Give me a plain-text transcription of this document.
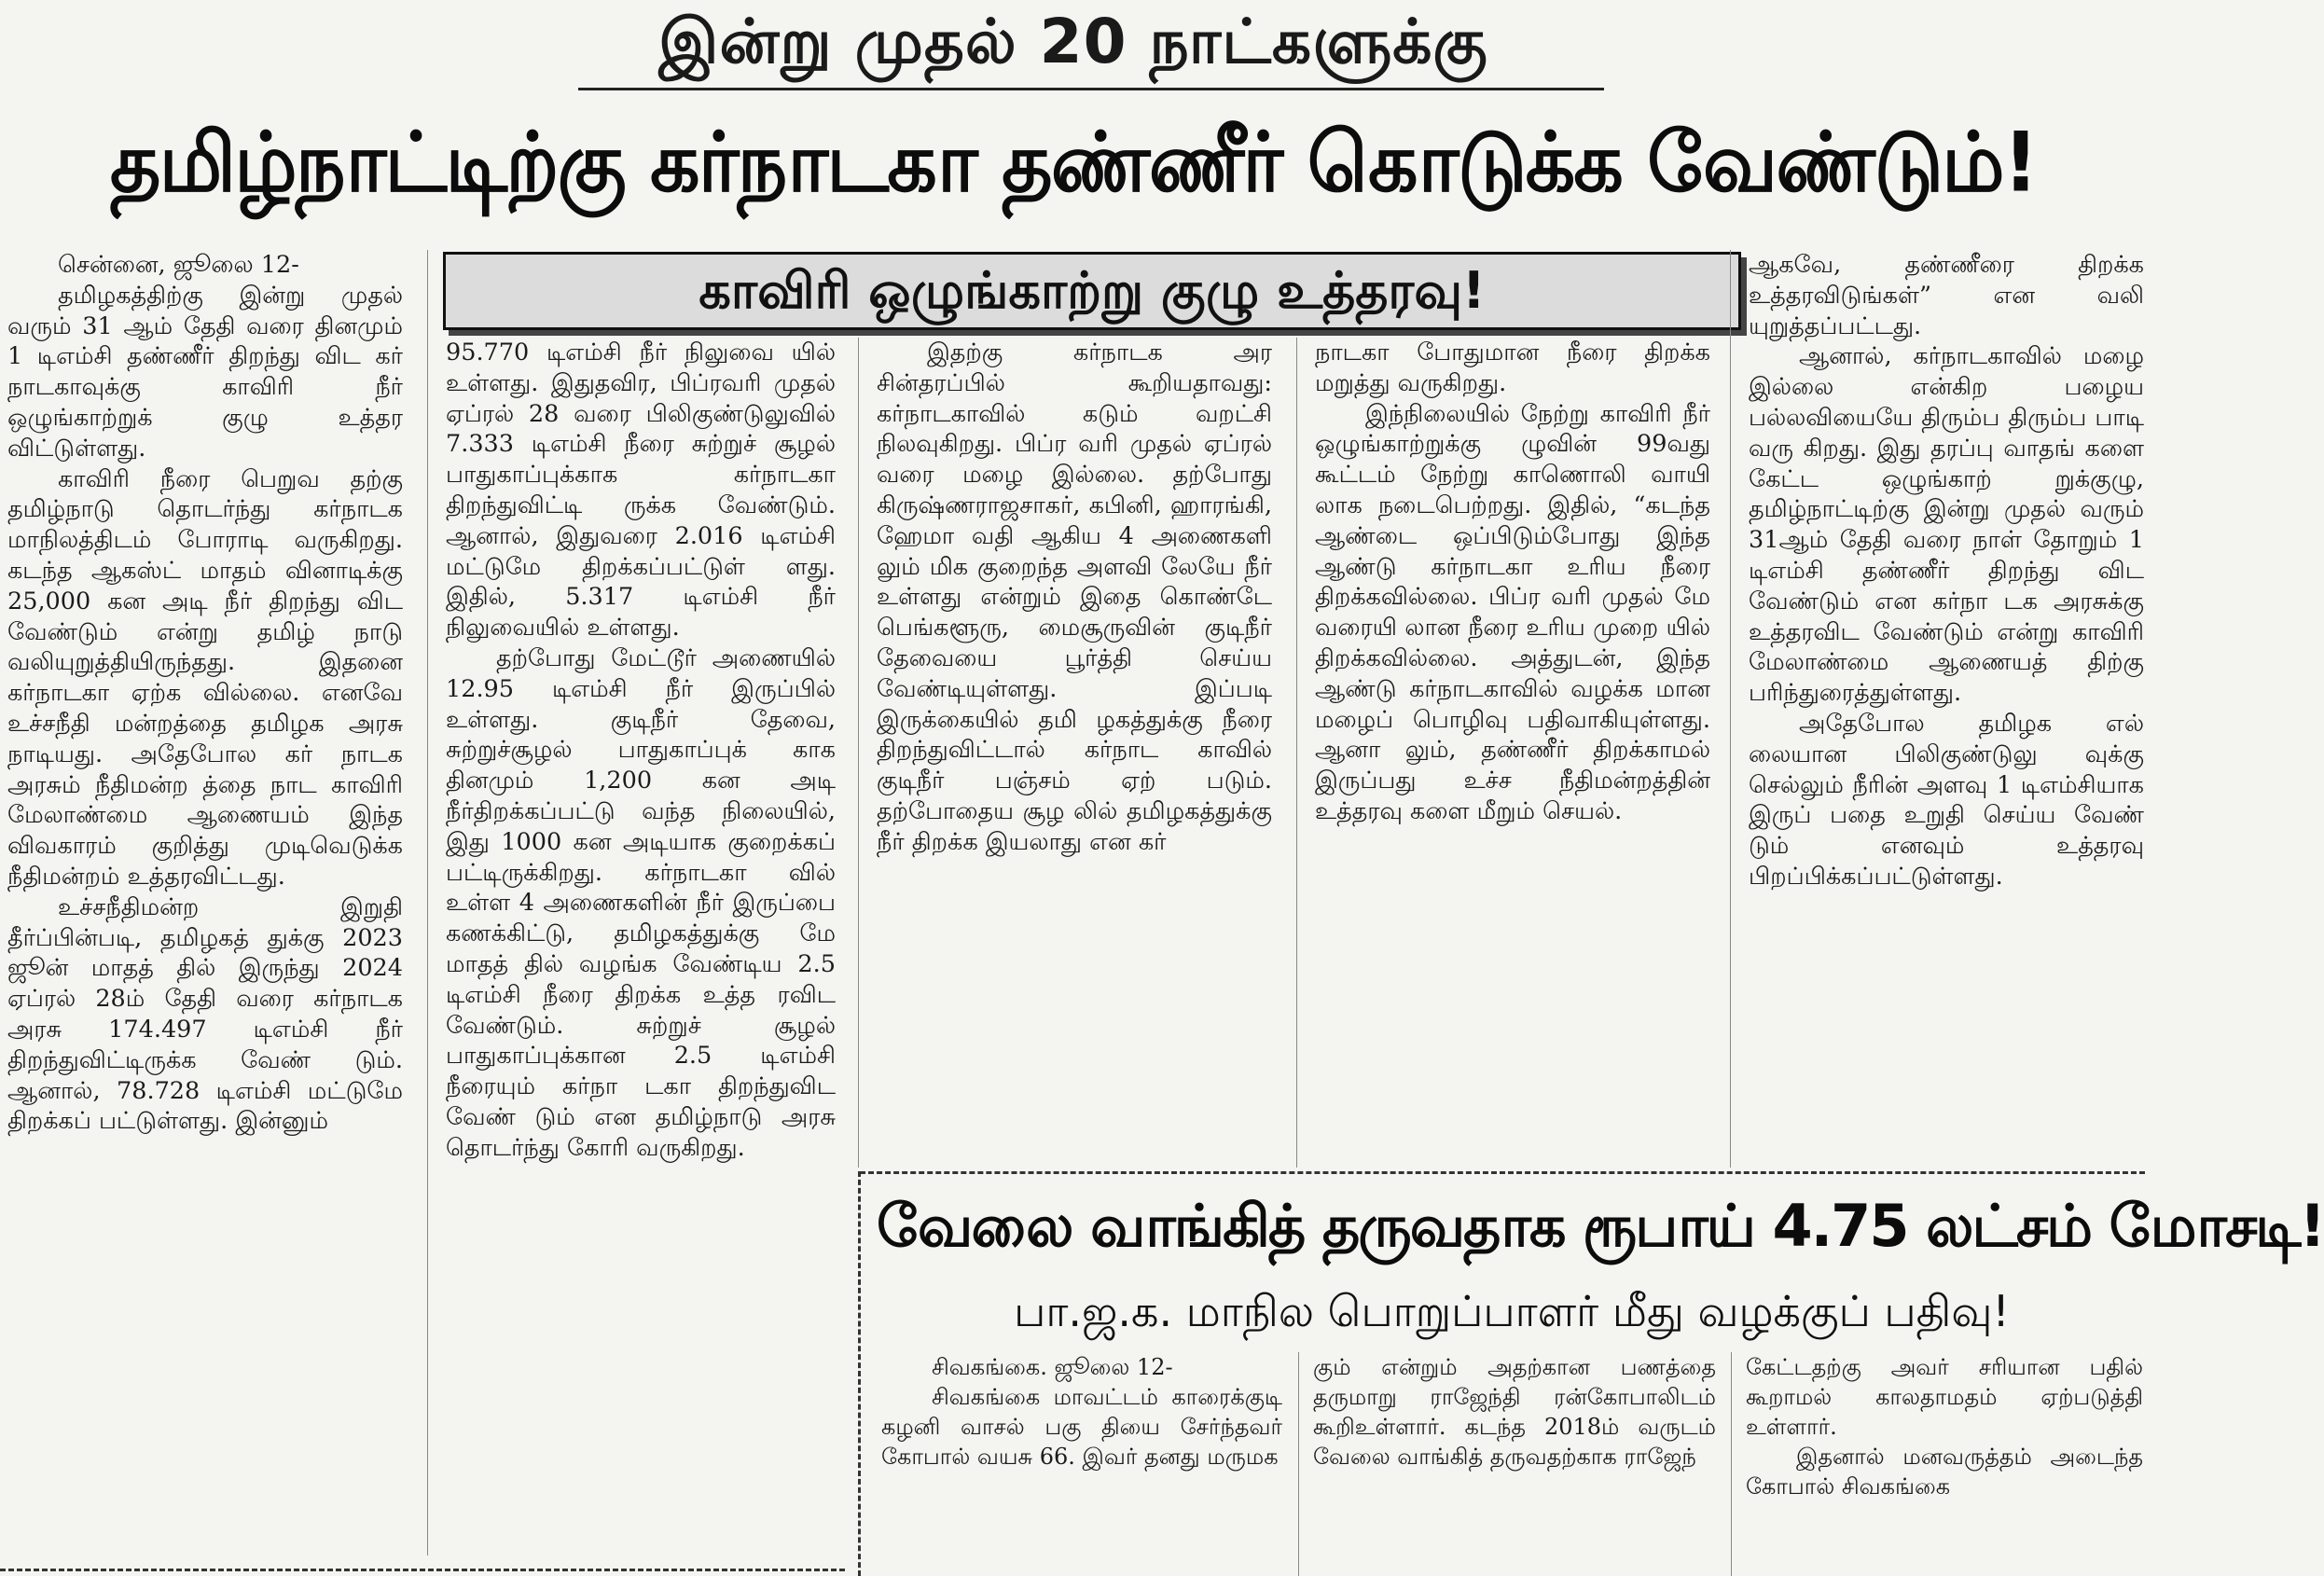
இன்று முதல் 20 நாட்களுக்கு
தமிழ்நாட்டிற்கு கர்நாடகா தண்ணீர் கொடுக்க வேண்டும்!
காவிரி ஒழுங்காற்று குழு உத்தரவு!

சென்னை, ஜூலை 12-

தமிழகத்திற்கு இன்று முதல் வரும் 31 ஆம் தேதி வரை தினமும் 1 டிஎம்சி தண்ணீர் திறந்து விட கர் நாடகாவுக்கு காவிரி நீர் ஒழுங்காற்றுக் குழு உத்தர விட்டுள்ளது.

காவிரி நீரை பெறுவ தற்கு தமிழ்நாடு தொடர்ந்து கர்நாடக மாநிலத்திடம் போராடி வருகிறது. கடந்த ஆகஸ்ட் மாதம் வினாடிக்கு 25,000 கன அடி நீர் திறந்து விட வேண்டும் என்று தமிழ் நாடு வலியுறுத்தியிருந்தது. இதனை கர்நாடகா ஏற்க வில்லை. எனவே உச்சநீதி மன்றத்தை தமிழக அரசு நாடியது. அதேபோல கர் நாடக அரசும் நீதிமன்ற த்தை நாட காவிரி மேலாண்மை ஆணையம் இந்த விவகாரம் குறித்து முடிவெடுக்க நீதிமன்றம் உத்தரவிட்டது.

உச்சநீதிமன்ற இறுதி தீர்ப்பின்படி, தமிழகத் துக்கு 2023 ஜூன் மாதத் தில் இருந்து 2024 ஏப்ரல் 28ம் தேதி வரை கர்நாடக அரசு 174.497 டிஎம்சி நீர் திறந்துவிட்டிருக்க வேண் டும். ஆனால், 78.728 டிஎம்சி மட்டுமே திறக்கப் பட்டுள்ளது. இன்னும்

95.770 டிஎம்சி நீர் நிலுவை யில் உள்ளது. இதுதவிர, பிப்ரவரி முதல் ஏப்ரல் 28 வரை பிலிகுண்டுலுவில் 7.333 டிஎம்சி நீரை சுற்றுச் சூழல் பாதுகாப்புக்காக கர்நாடகா திறந்துவிட்டி ருக்க வேண்டும். ஆனால், இதுவரை 2.016 டிஎம்சி மட்டுமே திறக்கப்பட்டுள் ளது. இதில், 5.317 டிஎம்சி நீர் நிலுவையில் உள்ளது.

தற்போது மேட்டூர் அணையில் 12.95 டிஎம்சி நீர் இருப்பில் உள்ளது. குடிநீர் தேவை, சுற்றுச்சூழல் பாதுகாப்புக் காக தினமும் 1,200 கன அடி நீர்திறக்கப்பட்டு வந்த நிலையில், இது 1000 கன அடியாக குறைக்கப் பட்டிருக்கிறது. கர்நாடகா வில் உள்ள 4 அணைகளின் நீர் இருப்பை கணக்கிட்டு, தமிழகத்துக்கு மே மாதத் தில் வழங்க வேண்டிய 2.5 டிஎம்சி நீரை திறக்க உத்த ரவிட வேண்டும். சுற்றுச் சூழல் பாதுகாப்புக்கான 2.5 டிஎம்சி நீரையும் கர்நா டகா திறந்துவிட வேண் டும் என தமிழ்நாடு அரசு தொடர்ந்து கோரி வருகிறது.

இதற்கு கர்நாடக அர சின்தரப்பில் கூறியதாவது: கர்நாடகாவில் கடும் வறட்சி நிலவுகிறது. பிப்ர வரி முதல் ஏப்ரல் வரை மழை இல்லை. தற்போது கிருஷ்ணராஜசாகர், கபினி, ஹாரங்கி, ஹேமா வதி ஆகிய 4 அணைகளி லும் மிக குறைந்த அளவி லேயே நீர் உள்ளது என்றும் இதை கொண்டே பெங்களூரு, மைசூருவின் குடிநீர் தேவையை பூர்த்தி செய்ய வேண்டியுள்ளது. இப்படி இருக்கையில் தமி ழகத்துக்கு நீரை திறந்துவிட்டால் கர்நாட காவில் குடிநீர் பஞ்சம் ஏற் படும். தற்போதைய சூழ லில் தமிழகத்துக்கு நீர் திறக்க இயலாது என கர்

நாடகா போதுமான நீரை திறக்க மறுத்து வருகிறது.

இந்நிலையில் நேற்று காவிரி நீர் ஒழுங்காற்றுக்கு ழுவின் 99வது கூட்டம் நேற்று காணொலி வாயி லாக நடைபெற்றது. இதில், “கடந்த ஆண்டை ஒப்பிடும்போது இந்த ஆண்டு கர்நாடகா உரிய நீரை திறக்கவில்லை. பிப்ர வரி முதல் மே வரையி லான நீரை உரிய முறை யில் திறக்கவில்லை. அத்துடன், இந்த ஆண்டு கர்நாடகாவில் வழக்க மான மழைப் பொழிவு பதிவாகியுள்ளது. ஆனா லும், தண்ணீர் திறக்காமல் இருப்பது உச்ச நீதிமன்றத்தின் உத்தரவு களை மீறும் செயல்.

ஆகவே, தண்ணீரை திறக்க உத்தரவிடுங்கள்” என வலி யுறுத்தப்பட்டது.

ஆனால், கர்நாடகாவில் மழை இல்லை என்கிற பழைய பல்லவியையே திரும்ப திரும்ப பாடி வரு கிறது. இது தரப்பு வாதங் களை கேட்ட ஒழுங்காற் றுக்குழு, தமிழ்நாட்டிற்கு இன்று முதல் வரும் 31ஆம் தேதி வரை நாள் தோறும் 1 டிஎம்சி தண்ணீர் திறந்து விட வேண்டும் என கர்நா டக அரசுக்கு உத்தரவிட வேண்டும் என்று காவிரி மேலாண்மை ஆணையத் திற்கு பரிந்துரைத்துள்ளது.

அதேபோல தமிழக எல் லையான பிலிகுண்டுலு வுக்கு செல்லும் நீரின் அளவு 1 டிஎம்சியாக இருப் பதை உறுதி செய்ய வேண் டும் எனவும் உத்தரவு பிறப்பிக்கப்பட்டுள்ளது.

வேலை வாங்கித் தருவதாக ரூபாய் 4.75 லட்சம் மோசடி!
பா.ஜ.க. மாநில பொறுப்பாளர் மீது வழக்குப் பதிவு!

சிவகங்கை. ஜூலை 12-

சிவகங்கை மாவட்டம் காரைக்குடி கழனி வாசல் பகு தியை சேர்ந்தவர் கோபால் வயசு 66. இவர் தனது மருமக

கும் என்றும் அதற்கான பணத்தை தருமாறு ராஜேந்தி ரன்கோபாலிடம் கூறிஉள்ளார். கடந்த 2018ம் வருடம் வேலை வாங்கித் தருவதற்காக ராஜேந்

கேட்டதற்கு அவர் சரியான பதில் கூறாமல் காலதாமதம் ஏற்படுத்தி உள்ளார்.

இதனால் மனவருத்தம் அடைந்த கோபால் சிவகங்கை
